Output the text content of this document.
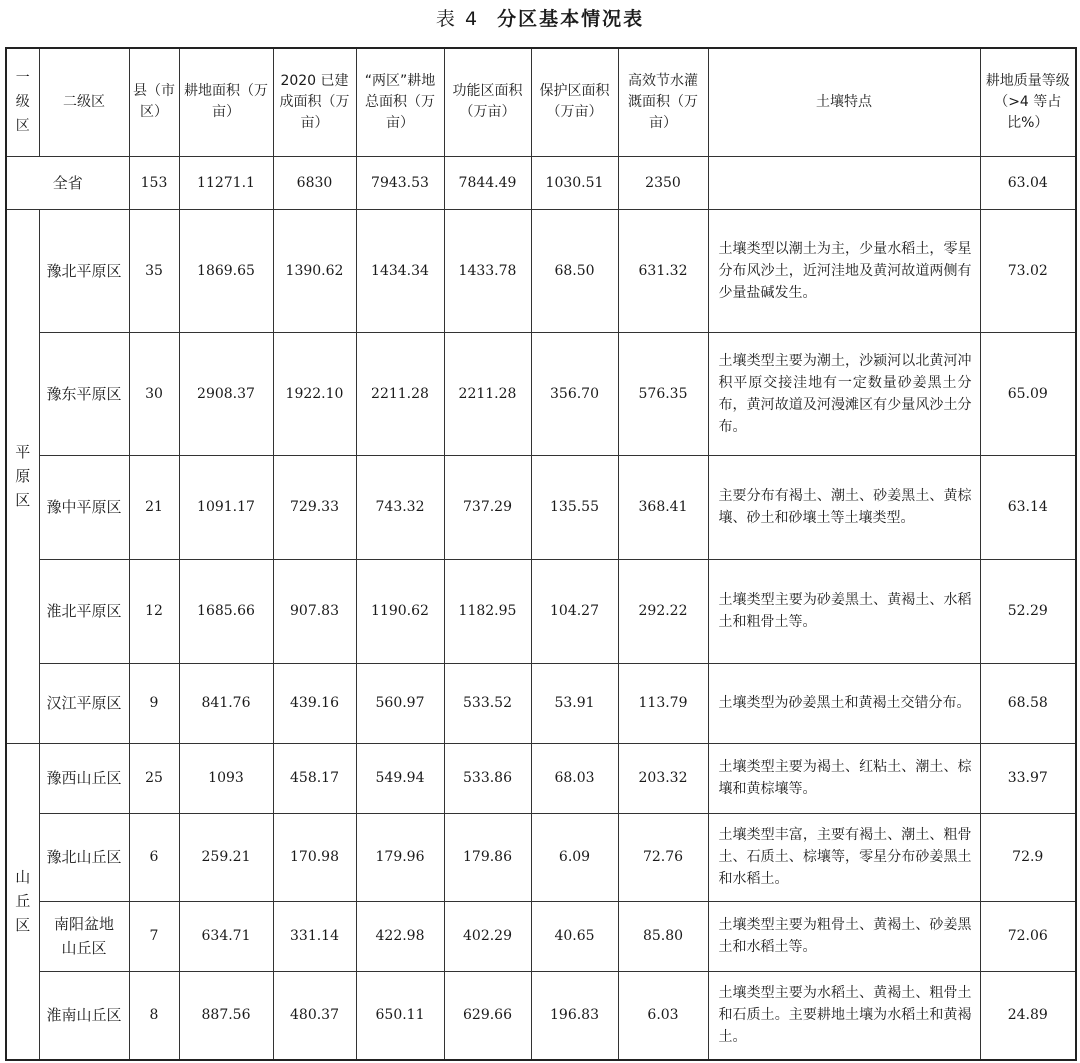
表 4 分区基本情况表
一级区	二级区	县（市区）	耕地面积（万亩）	2020 已建成面积（万亩）	“两区”耕地总面积（万亩）	功能区面积（万亩）	保护区面积（万亩）	高效节水灌溉面积（万亩）	土壤特点	耕地质量等级（>4 等占比%）
全省		153	11271.1	6830	7943.53	7844.49	1030.51	2350		63.04
平原区	豫北平原区	35	1869.65	1390.62	1434.34	1433.78	68.50	631.32	土壤类型以潮土为主，少量水稻土，零星分布风沙土，近河洼地及黄河故道两侧有少量盐碱发生。	73.02
	豫东平原区	30	2908.37	1922.10	2211.28	2211.28	356.70	576.35	土壤类型主要为潮土，沙颍河以北黄河冲积平原交接洼地有一定数量砂姜黑土分布，黄河故道及河漫滩区有少量风沙土分布。	65.09
	豫中平原区	21	1091.17	729.33	743.32	737.29	135.55	368.41	主要分布有褐土、潮土、砂姜黑土、黄棕壤、砂土和砂壤土等土壤类型。	63.14
	淮北平原区	12	1685.66	907.83	1190.62	1182.95	104.27	292.22	土壤类型主要为砂姜黑土、黄褐土、水稻土和粗骨土等。	52.29
	汉江平原区	9	841.76	439.16	560.97	533.52	53.91	113.79	土壤类型为砂姜黑土和黄褐土交错分布。	68.58
山丘区	豫西山丘区	25	1093	458.17	549.94	533.86	68.03	203.32	土壤类型主要为褐土、红粘土、潮土、棕壤和黄棕壤等。	33.97
	豫北山丘区	6	259.21	170.98	179.96	179.86	6.09	72.76	土壤类型丰富，主要有褐土、潮土、粗骨土、石质土、棕壤等，零星分布砂姜黑土和水稻土。	72.9
	南阳盆地山丘区	7	634.71	331.14	422.98	402.29	40.65	85.80	土壤类型主要为粗骨土、黄褐土、砂姜黑土和水稻土等。	72.06
	淮南山丘区	8	887.56	480.37	650.11	629.66	196.83	6.03	土壤类型主要为水稻土、黄褐土、粗骨土和石质土。主要耕地土壤为水稻土和黄褐土。	24.89
